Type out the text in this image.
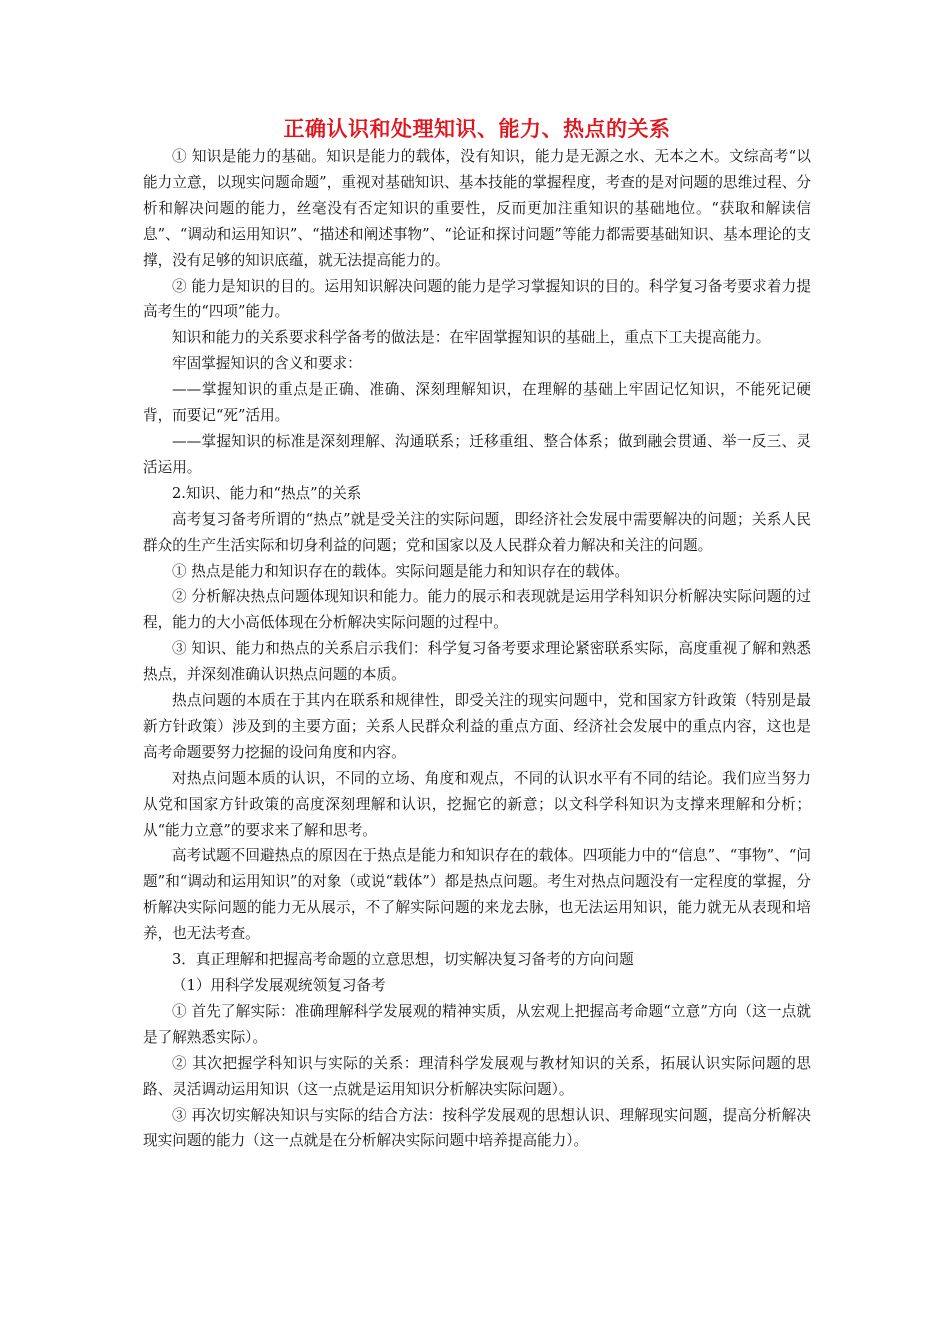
正确认识和处理知识、能力、热点的关系

① 知识是能力的基础。知识是能力的载体，没有知识，能力是无源之水、无本之木。文综高考“以能力立意，以现实问题命题”，重视对基础知识、基本技能的掌握程度，考查的是对问题的思维过程、分析和解决问题的能力，丝毫没有否定知识的重要性，反而更加注重知识的基础地位。“获取和解读信息”、“调动和运用知识”、“描述和阐述事物”、“论证和探讨问题”等能力都需要基础知识、基本理论的支撑，没有足够的知识底蕴，就无法提高能力的。

② 能力是知识的目的。运用知识解决问题的能力是学习掌握知识的目的。科学复习备考要求着力提高考生的“四项”能力。

知识和能力的关系要求科学备考的做法是：在牢固掌握知识的基础上，重点下工夫提高能力。

牢固掌握知识的含义和要求：

——掌握知识的重点是正确、准确、深刻理解知识，在理解的基础上牢固记忆知识，不能死记硬背，而要记“死”活用。

——掌握知识的标准是深刻理解、沟通联系；迁移重组、整合体系；做到融会贯通、举一反三、灵活运用。

2.知识、能力和“热点”的关系

高考复习备考所谓的“热点”就是受关注的实际问题，即经济社会发展中需要解决的问题；关系人民群众的生产生活实际和切身利益的问题；党和国家以及人民群众着力解决和关注的问题。

① 热点是能力和知识存在的载体。实际问题是能力和知识存在的载体。

② 分析解决热点问题体现知识和能力。能力的展示和表现就是运用学科知识分析解决实际问题的过程，能力的大小高低体现在分析解决实际问题的过程中。

③ 知识、能力和热点的关系启示我们：科学复习备考要求理论紧密联系实际，高度重视了解和熟悉热点，并深刻准确认识热点问题的本质。

热点问题的本质在于其内在联系和规律性，即受关注的现实问题中，党和国家方针政策（特别是最新方针政策）涉及到的主要方面；关系人民群众利益的重点方面、经济社会发展中的重点内容，这也是高考命题要努力挖掘的设问角度和内容。

对热点问题本质的认识，不同的立场、角度和观点，不同的认识水平有不同的结论。我们应当努力从党和国家方针政策的高度深刻理解和认识，挖掘它的新意；以文科学科知识为支撑来理解和分析；从“能力立意”的要求来了解和思考。

高考试题不回避热点的原因在于热点是能力和知识存在的载体。四项能力中的“信息”、“事物”、“问题”和“调动和运用知识”的对象（或说“载体”）都是热点问题。考生对热点问题没有一定程度的掌握，分析解决实际问题的能力无从展示，不了解实际问题的来龙去脉，也无法运用知识，能力就无从表现和培养，也无法考查。

3．真正理解和把握高考命题的立意思想，切实解决复习备考的方向问题

（1）用科学发展观统领复习备考

① 首先了解实际：准确理解科学发展观的精神实质，从宏观上把握高考命题“立意”方向（这一点就是了解熟悉实际）。

② 其次把握学科知识与实际的关系：理清科学发展观与教材知识的关系，拓展认识实际问题的思路、灵活调动运用知识（这一点就是运用知识分析解决实际问题）。

③ 再次切实解决知识与实际的结合方法：按科学发展观的思想认识、理解现实问题，提高分析解决现实问题的能力（这一点就是在分析解决实际问题中培养提高能力）。
